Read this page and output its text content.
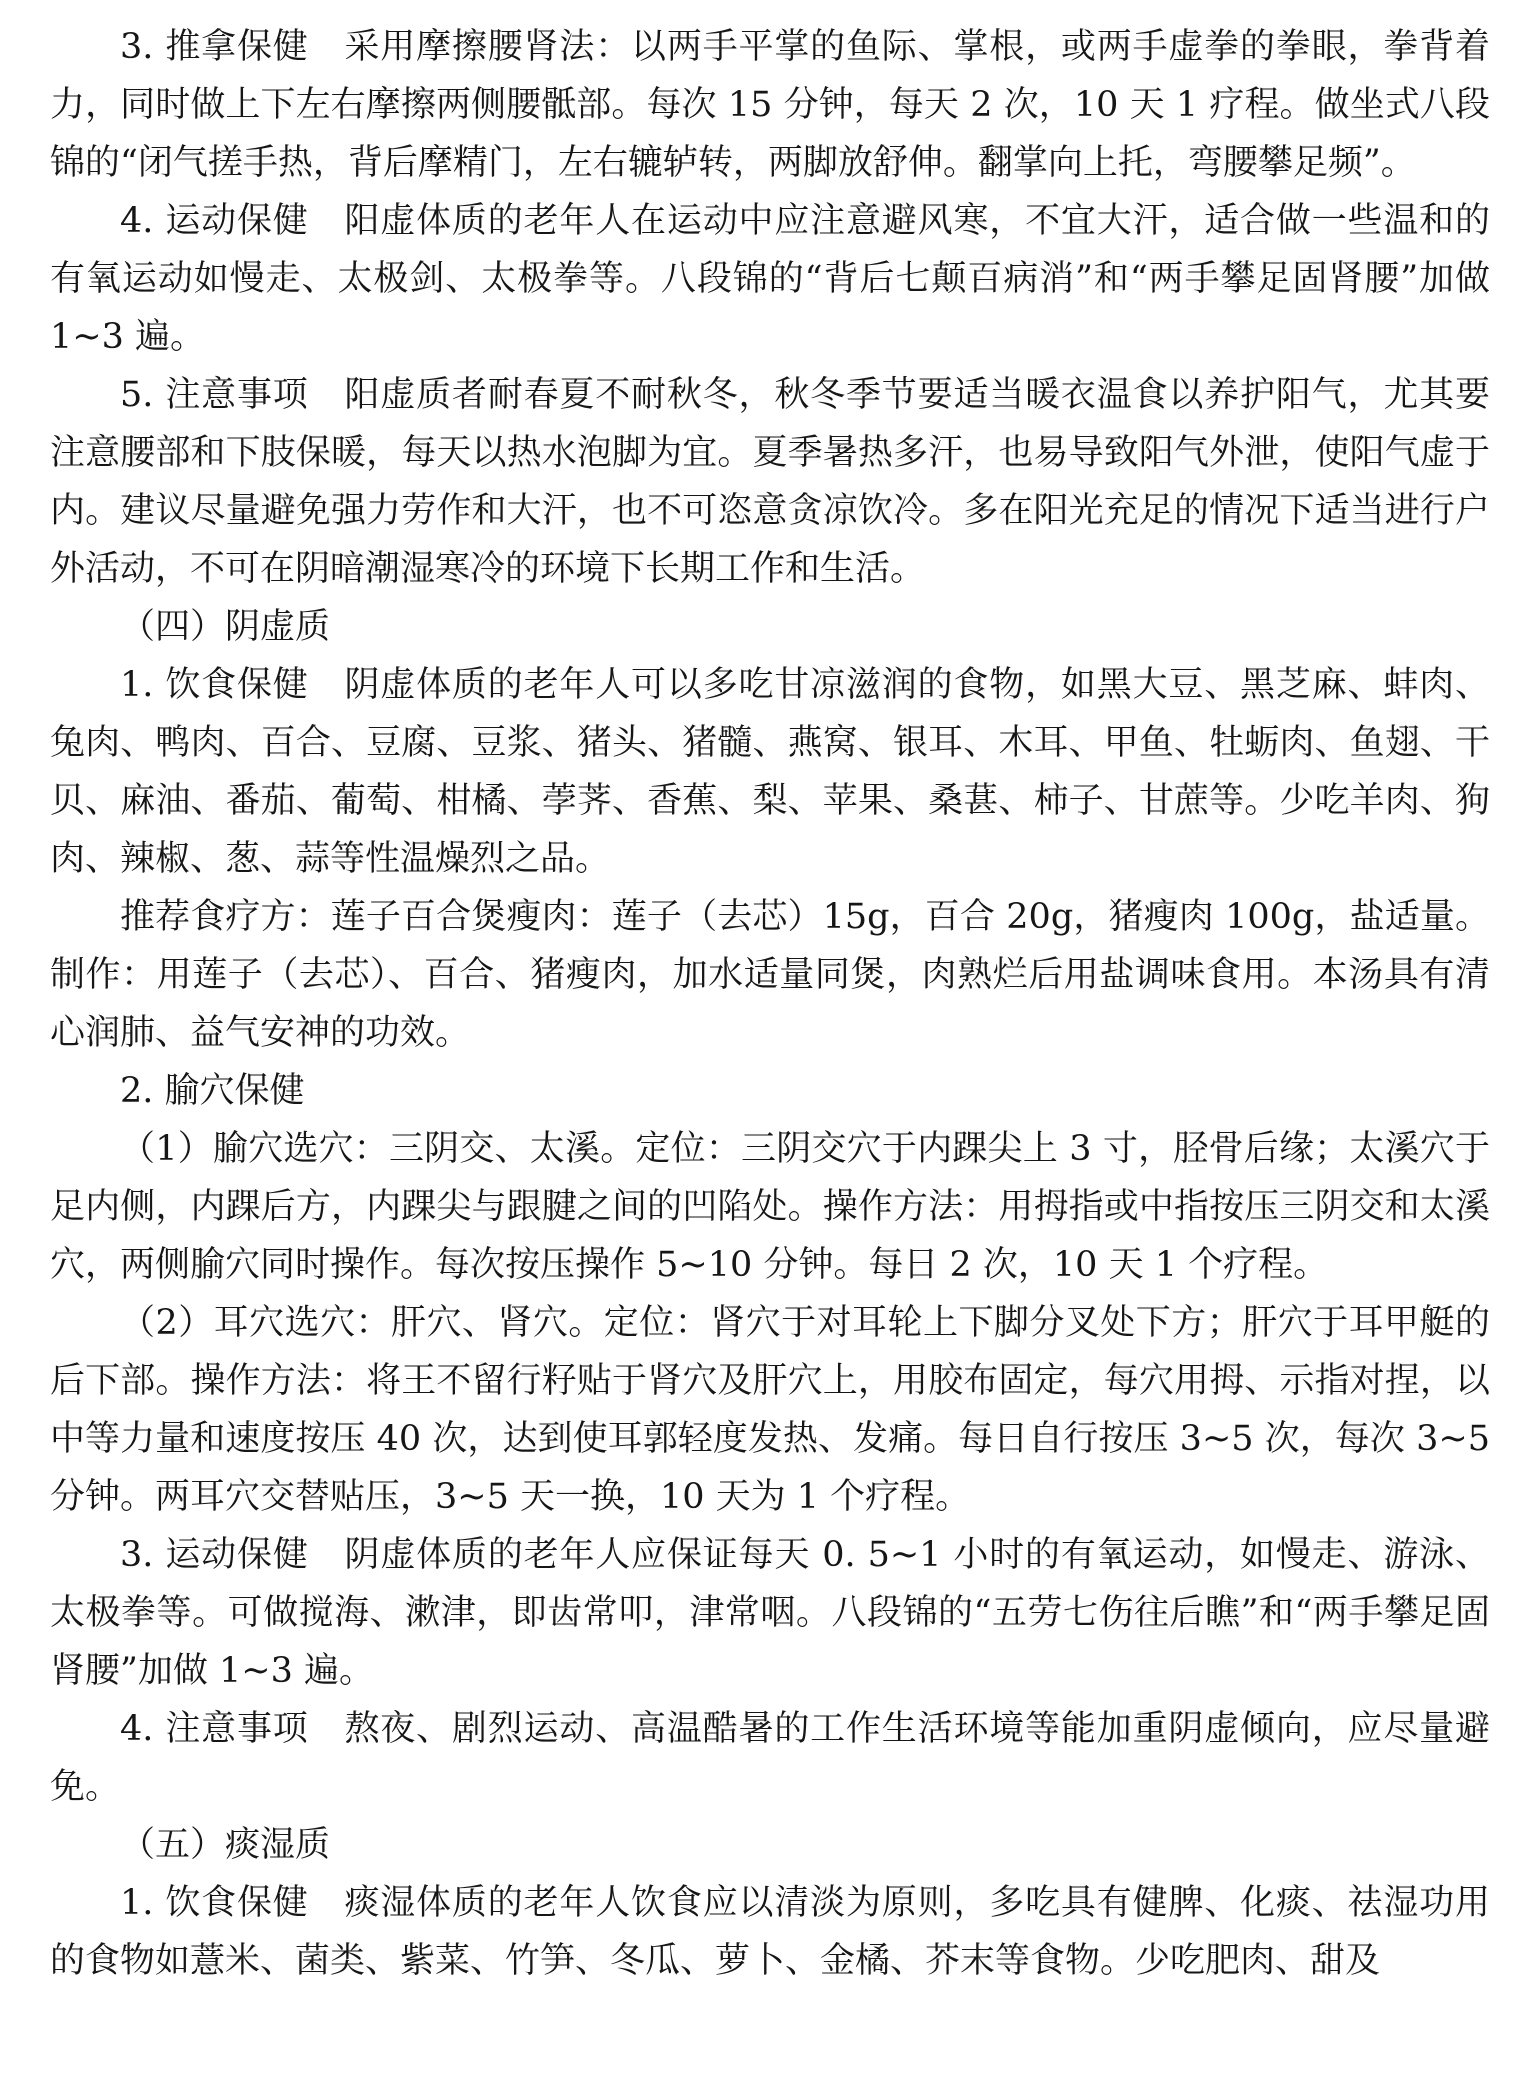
3. 推拿保健 采用摩擦腰肾法：以两手平掌的鱼际、掌根，或两手虚拳的拳眼，拳背着力，同时做上下左右摩擦两侧腰骶部。每次 15 分钟，每天 2 次，10 天 1 疗程。做坐式八段锦的“闭气搓手热，背后摩精门，左右辘轳转，两脚放舒伸。翻掌向上托，弯腰攀足频”。

4. 运动保健 阳虚体质的老年人在运动中应注意避风寒，不宜大汗，适合做一些温和的有氧运动如慢走、太极剑、太极拳等。八段锦的“背后七颠百病消”和“两手攀足固肾腰”加做 1~3 遍。

5. 注意事项 阳虚质者耐春夏不耐秋冬，秋冬季节要适当暖衣温食以养护阳气，尤其要注意腰部和下肢保暖，每天以热水泡脚为宜。夏季暑热多汗，也易导致阳气外泄，使阳气虚于内。建议尽量避免强力劳作和大汗，也不可恣意贪凉饮冷。多在阳光充足的情况下适当进行户外活动，不可在阴暗潮湿寒冷的环境下长期工作和生活。

（四）阴虚质

1. 饮食保健 阴虚体质的老年人可以多吃甘凉滋润的食物，如黑大豆、黑芝麻、蚌肉、兔肉、鸭肉、百合、豆腐、豆浆、猪头、猪髓、燕窝、银耳、木耳、甲鱼、牡蛎肉、鱼翅、干贝、麻油、番茄、葡萄、柑橘、荸荠、香蕉、梨、苹果、桑葚、柿子、甘蔗等。少吃羊肉、狗肉、辣椒、葱、蒜等性温燥烈之品。

推荐食疗方：莲子百合煲瘦肉：莲子（去芯）15g，百合 20g，猪瘦肉 100g，盐适量。制作：用莲子（去芯）、百合、猪瘦肉，加水适量同煲，肉熟烂后用盐调味食用。本汤具有清心润肺、益气安神的功效。

2. 腧穴保健

（1）腧穴选穴：三阴交、太溪。定位：三阴交穴于内踝尖上 3 寸，胫骨后缘；太溪穴于足内侧，内踝后方，内踝尖与跟腱之间的凹陷处。操作方法：用拇指或中指按压三阴交和太溪穴，两侧腧穴同时操作。每次按压操作 5~10 分钟。每日 2 次，10 天 1 个疗程。

（2）耳穴选穴：肝穴、肾穴。定位：肾穴于对耳轮上下脚分叉处下方；肝穴于耳甲艇的后下部。操作方法：将王不留行籽贴于肾穴及肝穴上，用胶布固定，每穴用拇、示指对捏，以中等力量和速度按压 40 次，达到使耳郭轻度发热、发痛。每日自行按压 3~5 次，每次 3~5 分钟。两耳穴交替贴压，3~5 天一换，10 天为 1 个疗程。

3. 运动保健 阴虚体质的老年人应保证每天 0. 5~1 小时的有氧运动，如慢走、游泳、太极拳等。可做搅海、漱津，即齿常叩，津常咽。八段锦的“五劳七伤往后瞧”和“两手攀足固肾腰”加做 1~3 遍。

4. 注意事项 熬夜、剧烈运动、高温酷暑的工作生活环境等能加重阴虚倾向，应尽量避免。

（五）痰湿质

1. 饮食保健 痰湿体质的老年人饮食应以清淡为原则，多吃具有健脾、化痰、祛湿功用的食物如薏米、菌类、紫菜、竹笋、冬瓜、萝卜、金橘、芥末等食物。少吃肥肉、甜及
